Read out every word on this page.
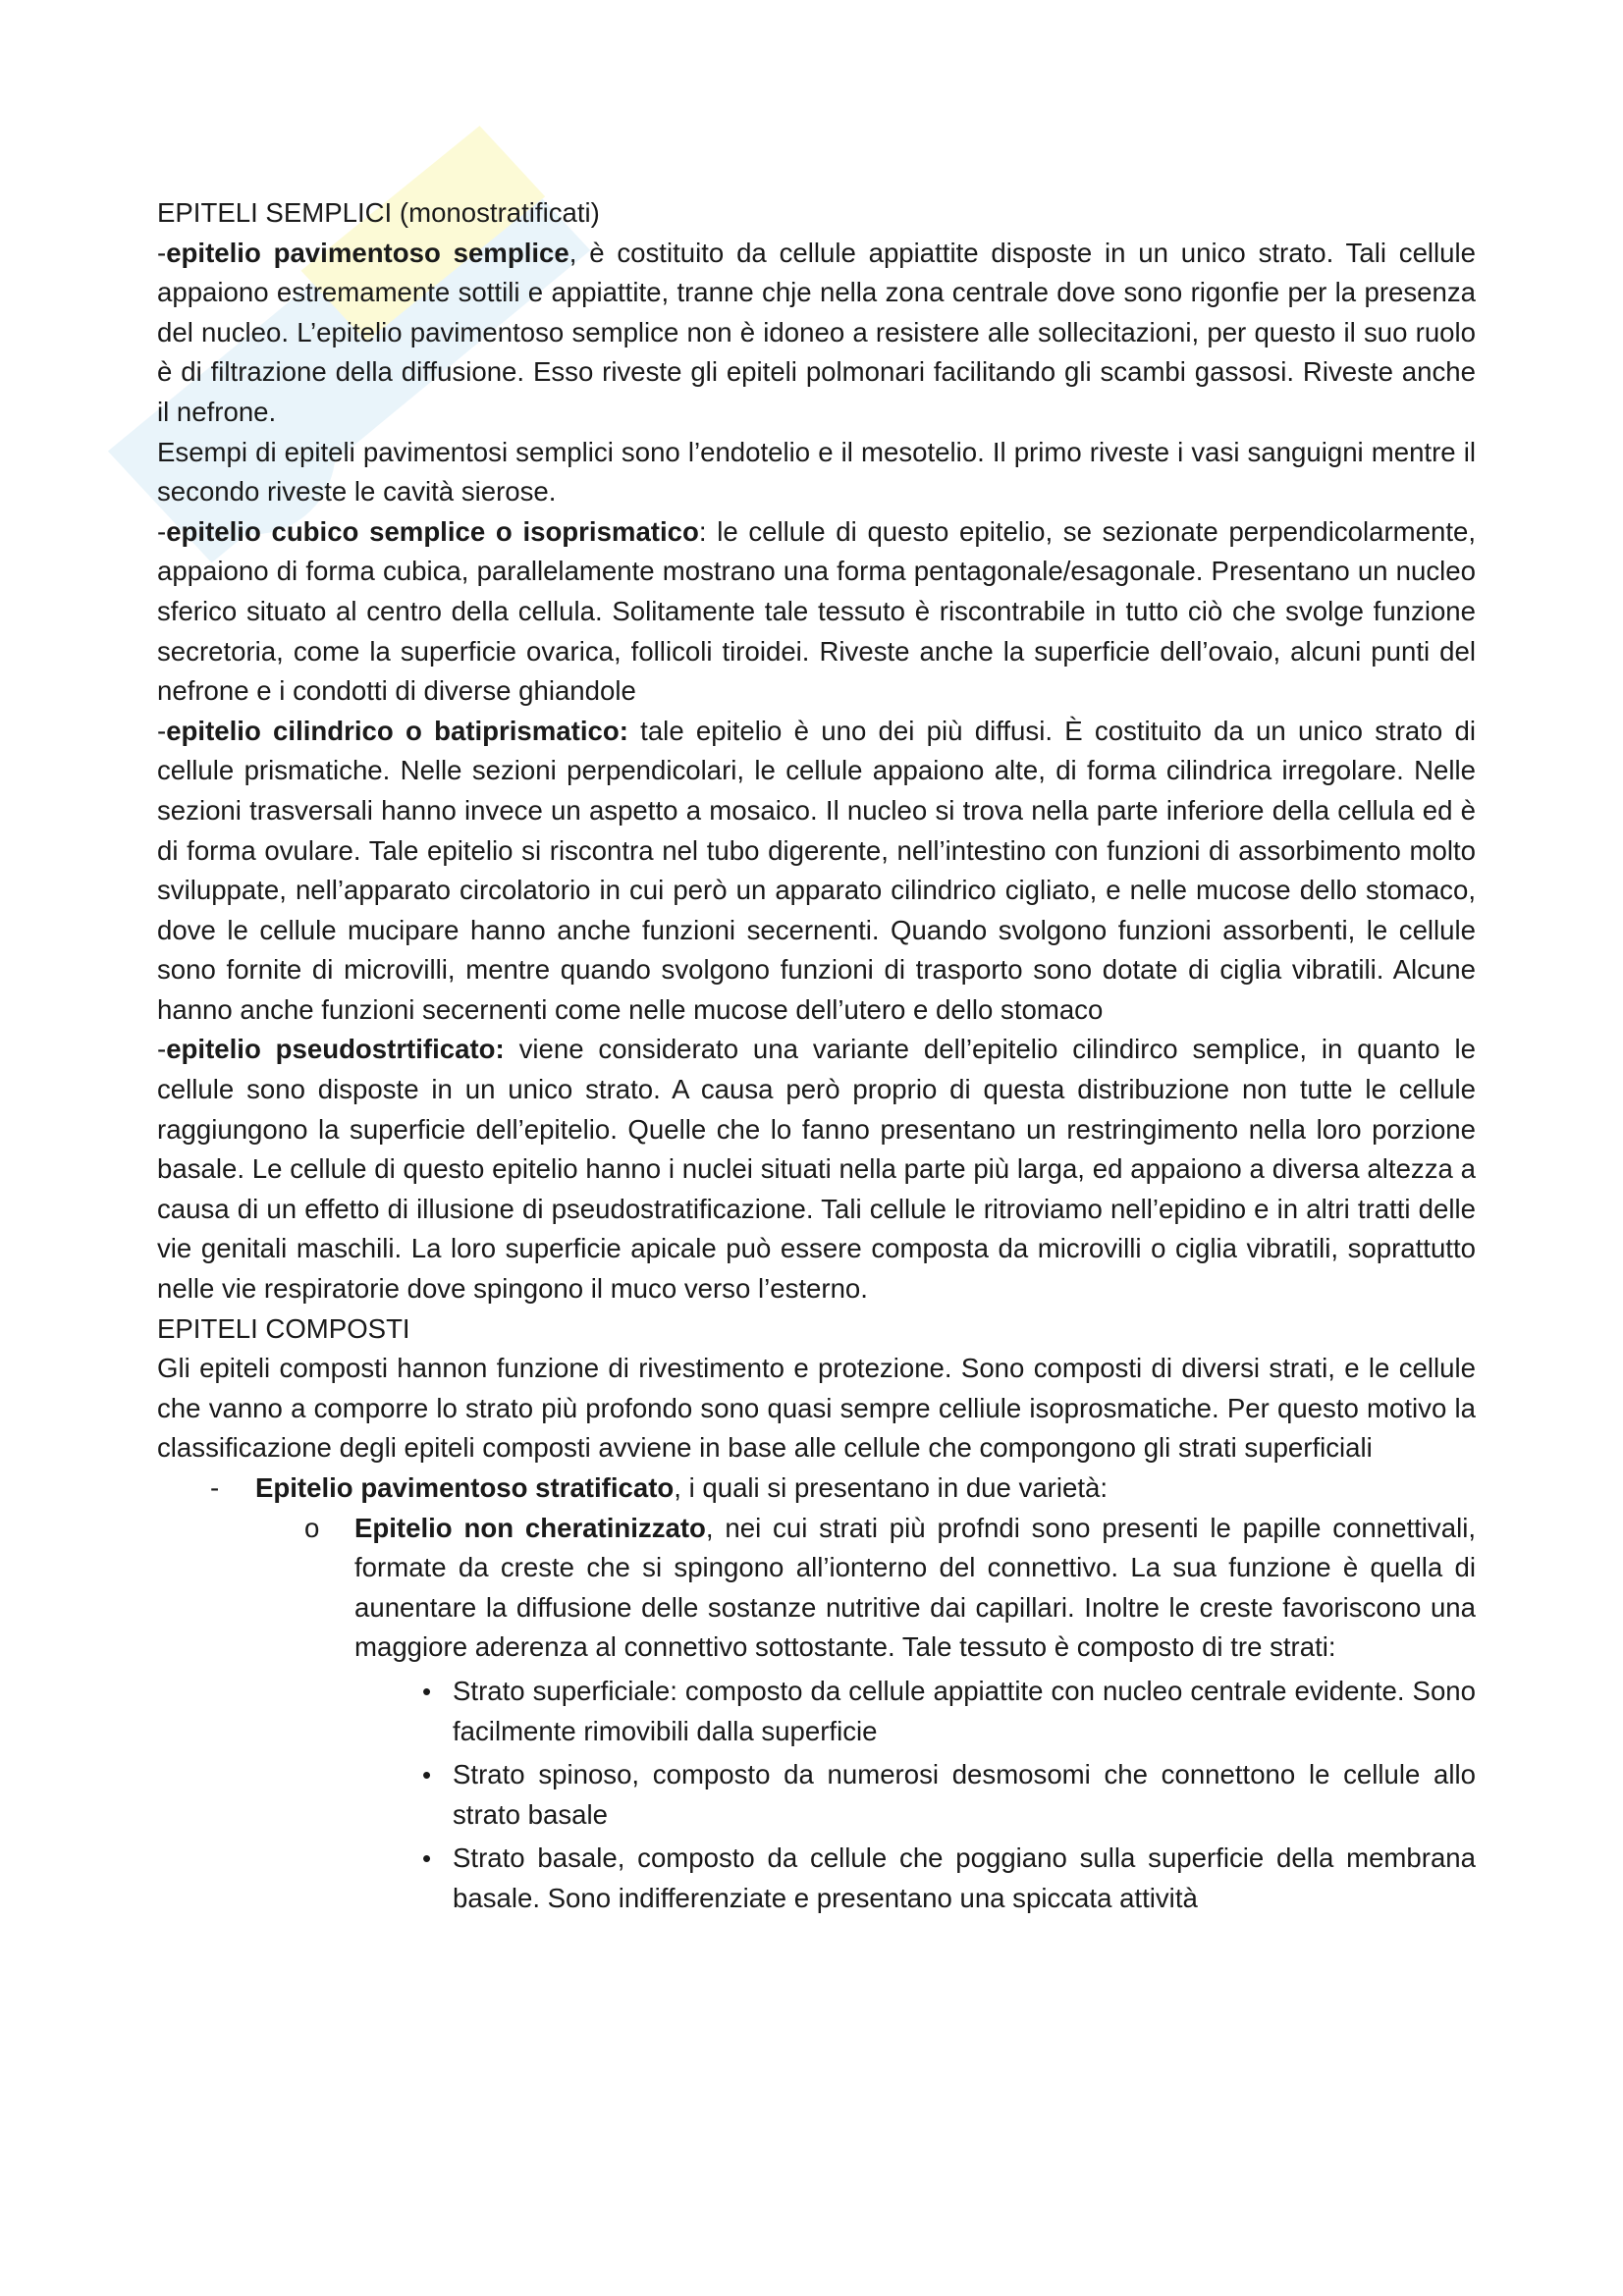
EPITELI SEMPLICI (monostratificati)

-epitelio pavimentoso semplice, è costituito da cellule appiattite disposte in un unico strato. Tali cellule appaiono estremamente sottili e appiattite, tranne chje nella zona centrale dove sono rigonfie per la presenza del nucleo. L’epitelio pavimentoso semplice non è idoneo a resistere alle sollecitazioni, per questo il suo ruolo è di filtrazione della diffusione. Esso riveste gli epiteli polmonari facilitando gli scambi gassosi. Riveste anche il nefrone.

Esempi di epiteli pavimentosi semplici sono l’endotelio e il mesotelio. Il primo riveste i vasi sanguigni mentre il secondo riveste le cavità sierose.

-epitelio cubico semplice o isoprismatico: le cellule di questo epitelio, se sezionate perpendicolarmente, appaiono di forma cubica, parallelamente mostrano una forma pentagonale/esagonale. Presentano un nucleo sferico situato al centro della cellula. Solitamente tale tessuto è riscontrabile in tutto ciò che svolge funzione secretoria, come la superficie ovarica, follicoli tiroidei. Riveste anche la superficie dell’ovaio, alcuni punti del nefrone e i condotti di diverse ghiandole

-epitelio cilindrico o batiprismatico: tale epitelio è uno dei più diffusi. È costituito da un unico strato di cellule prismatiche. Nelle sezioni perpendicolari, le cellule appaiono alte, di forma cilindrica irregolare. Nelle sezioni trasversali hanno invece un aspetto a mosaico. Il nucleo si trova nella parte inferiore della cellula ed è di forma ovulare. Tale epitelio si riscontra nel tubo digerente, nell’intestino con funzioni di assorbimento molto sviluppate, nell’apparato circolatorio in cui però un apparato cilindrico cigliato, e nelle mucose dello stomaco, dove le cellule mucipare hanno anche funzioni secernenti. Quando svolgono funzioni assorbenti, le cellule sono fornite di microvilli, mentre quando svolgono funzioni di trasporto sono dotate di ciglia vibratili. Alcune hanno anche funzioni secernenti come nelle mucose dell’utero e dello stomaco

-epitelio pseudostrtificato: viene considerato una variante dell’epitelio cilindirco semplice, in quanto le cellule sono disposte in un unico strato. A causa però proprio di questa distribuzione non tutte le cellule raggiungono la superficie dell’epitelio. Quelle che lo fanno presentano un restringimento nella loro porzione basale. Le cellule di questo epitelio hanno i nuclei situati nella parte più larga, ed appaiono a diversa altezza a causa di un effetto di illusione di pseudostratificazione. Tali cellule le ritroviamo nell’epidino e in altri tratti delle vie genitali maschili. La loro superficie apicale può essere composta da microvilli o ciglia vibratili, soprattutto nelle vie respiratorie dove spingono il muco verso l’esterno.

EPITELI COMPOSTI

Gli epiteli composti hannon funzione di rivestimento e protezione. Sono composti di diversi strati, e le cellule che vanno a comporre lo strato più profondo sono quasi sempre celliule isoprosmatiche. Per questo motivo la classificazione degli epiteli composti avviene in base alle cellule che compongono gli strati superficiali

- Epitelio pavimentoso stratificato, i quali si presentano in due varietà:

o Epitelio non cheratinizzato, nei cui strati più profndi sono presenti le papille connettivali, formate da creste che si spingono all’ionterno del connettivo. La sua funzione è quella di aunentare la diffusione delle sostanze nutritive dai capillari. Inoltre le creste favoriscono una maggiore aderenza al connettivo sottostante. Tale tessuto è composto di tre strati:

• Strato superficiale: composto da cellule appiattite con nucleo centrale evidente. Sono facilmente rimovibili dalla superficie

• Strato spinoso, composto da numerosi desmosomi che connettono le cellule allo strato basale

• Strato basale, composto da cellule che poggiano sulla superficie della membrana basale. Sono indifferenziate e presentano una spiccata attività
